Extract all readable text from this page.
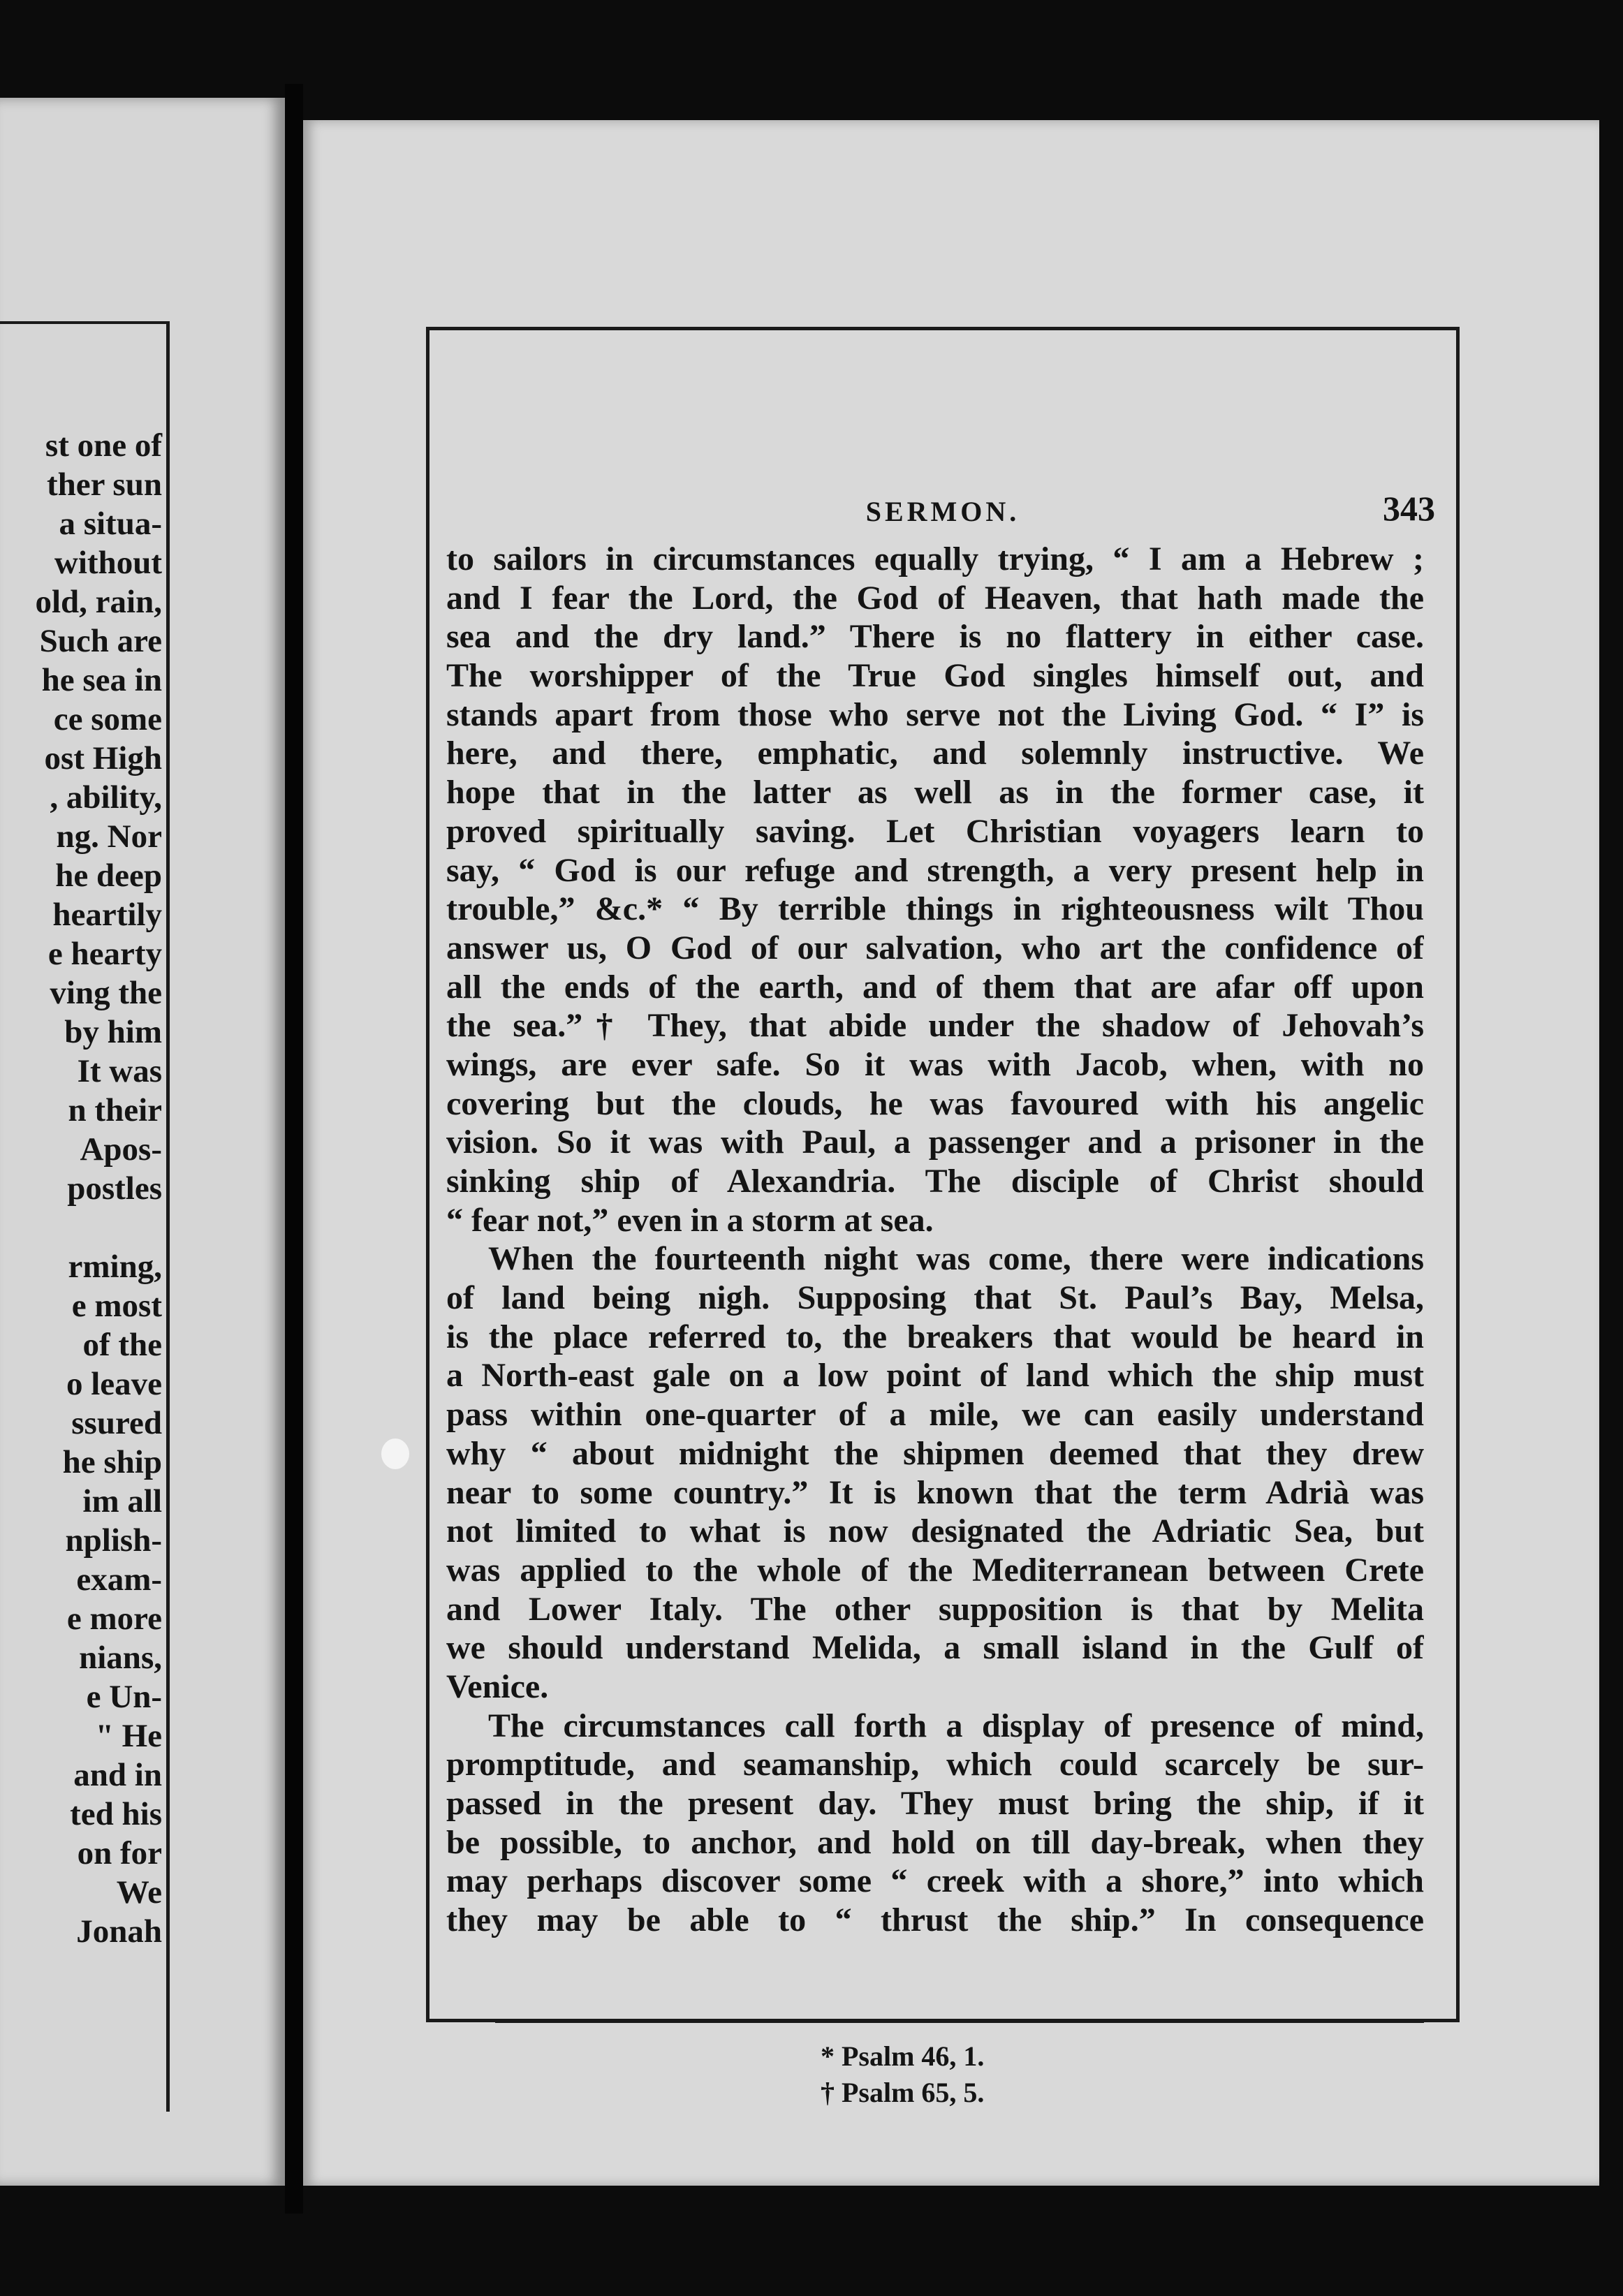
st one of
ther sun
a situa-
without
old, rain,
Such are
he sea in
ce some
ost High
, ability,
ng. Nor
he deep
heartily
e hearty
ving the
by him
It was
n their
Apos-
postles
rming,
e most
of the
o leave
ssured
he ship
im all
nplish-
exam-
e more
nians,
e Un-
" He
and in
ted his
on for
We
Jonah
SERMON.	343
to sailors in circumstances equally trying, “ I am a Hebrew ;
and I fear the Lord, the God of Heaven, that hath made the
sea and the dry land.” There is no flattery in either case.
The worshipper of the True God singles himself out, and
stands apart from those who serve not the Living God. “ I” is
here, and there, emphatic, and solemnly instructive. We
hope that in the latter as well as in the former case, it
proved spiritually saving. Let Christian voyagers learn to
say, “ God is our refuge and strength, a very present help in
trouble,” &c.* “ By terrible things in righteousness wilt Thou
answer us, O God of our salvation, who art the confidence of
all the ends of the earth, and of them that are afar off upon
the sea.”† They, that abide under the shadow of Jehovah’s
wings, are ever safe. So it was with Jacob, when, with no
covering but the clouds, he was favoured with his angelic
vision. So it was with Paul, a passenger and a prisoner in the
sinking ship of Alexandria. The disciple of Christ should
“ fear not,” even in a storm at sea.
When the fourteenth night was come, there were indications
of land being nigh. Supposing that St. Paul’s Bay, Melsa,
is the place referred to, the breakers that would be heard in
a North-east gale on a low point of land which the ship must
pass within one-quarter of a mile, we can easily understand
why “ about midnight the shipmen deemed that they drew
near to some country.” It is known that the term Adrià was
not limited to what is now designated the Adriatic Sea, but
was applied to the whole of the Mediterranean between Crete
and Lower Italy. The other supposition is that by Melita
we should understand Melida, a small island in the Gulf of
Venice.
The circumstances call forth a display of presence of mind,
promptitude, and seamanship, which could scarcely be sur-
passed in the present day. They must bring the ship, if it
be possible, to anchor, and hold on till day-break, when they
may perhaps discover some “ creek with a shore,” into which
they may be able to “ thrust the ship.” In consequence
* Psalm 46, 1.
† Psalm 65, 5.
